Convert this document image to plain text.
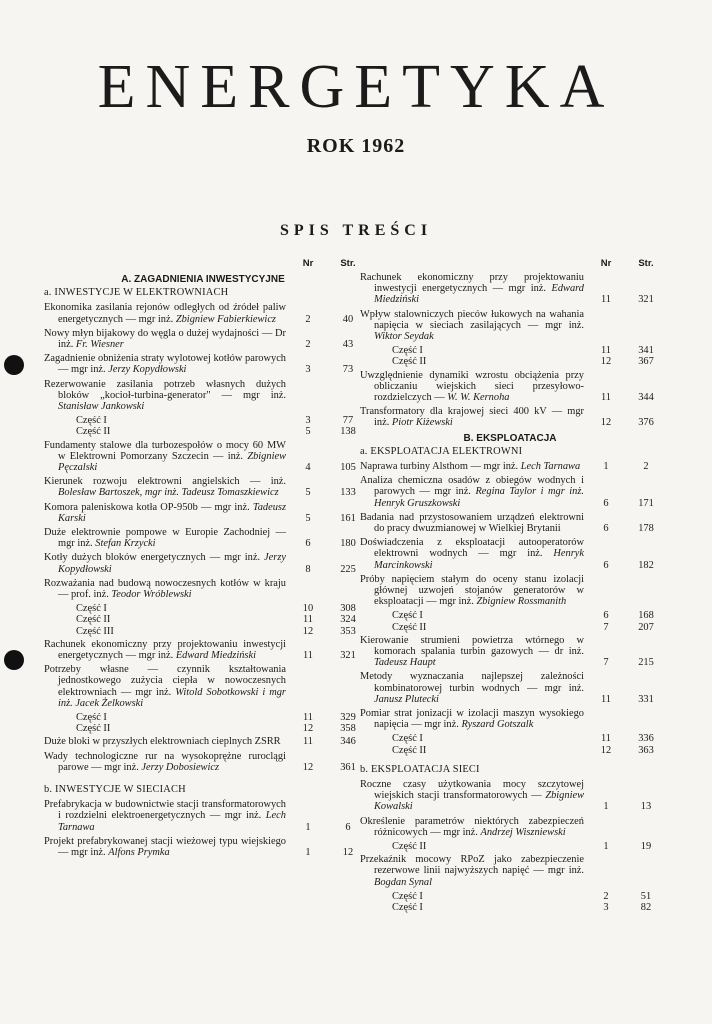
ENERGETYKA
ROK 1962
SPIS TREŚCI
Nr	Str.
A. ZAGADNIENIA INWESTYCYJNE
a. INWESTYCJE W ELEKTROWNIACH
Ekonomika zasilania rejonów odległych od źródeł paliw energetycznych — mgr inż. Zbigniew Fabierkiewicz	2	40
Nowy młyn bijakowy do węgla o dużej wydajności — Dr inż. Fr. Wiesner	2	43
Zagadnienie obniżenia straty wylotowej kotłów parowych — mgr inż. Jerzy Kopydłowski	3	73
Rezerwowanie zasilania potrzeb własnych dużych bloków „kocioł-turbina-generator" — mgr inż. Stanisław Jankowski
Część I	3	77
Część II	5	138
Fundamenty stalowe dla turbozespołów o mocy 60 MW w Elektrowni Pomorzany Szczecin — inż. Zbigniew Pęczalski	4	105
Kierunek rozwoju elektrowni angielskich — inż. Bolesław Bartoszek, mgr inż. Tadeusz Tomaszkiewicz	5	133
Komora paleniskowa kotła OP-950b — mgr inż. Tadeusz Karski	5	161
Duże elektrownie pompowe w Europie Zachodniej — mgr inż. Stefan Krzycki	6	180
Kotły dużych bloków energetycznych — mgr inż. Jerzy Kopydłowski	8	225
Rozważania nad budową nowoczesnych kotłów w kraju — prof. inż. Teodor Wróblewski
Część I	10	308
Część II	11	324
Część III	12	353
Rachunek ekonomiczny przy projektowaniu inwestycji energetycznych — mgr inż. Edward Miedziński	11	321
Potrzeby własne — czynnik kształtowania jednostkowego zużycia ciepła w nowoczesnych elektrowniach — mgr inż. Witold Sobotkowski i mgr inż. Jacek Żelkowski
Część I	11	329
Część II	12	358
Duże bloki w przyszłych elektrowniach cieplnych ZSRR	11	346
Wady technologiczne rur na wysokoprężne ruroclągi parowe — mgr inż. Jerzy Dobosiewicz	12	361
b. INWESTYCJE W SIECIACH
Prefabrykacja w budownictwie stacji transformatorowych i rozdzielni elektroenergetycznych — mgr inż. Lech Tarnawa	1	6
Projekt prefabrykowanej stacji wieżowej typu wiejskiego — mgr inż. Alfons Prymka	1	12
Nr	Str.
Rachunek ekonomiczny przy projektowaniu inwestycji energetycznych — mgr inż. Edward Miedziński	11	321
Wpływ stalowniczych pieców łukowych na wahania napięcia w sieciach zasilających — mgr inż. Wiktor Seydak
Część I	11	341
Część II	12	367
Uwzględnienie dynamiki wzrostu obciążenia przy obliczaniu wiejskich sieci przesyłowo-rozdzielczych — W. W. Kernoha	11	344
Transformatory dla krajowej sieci 400 kV — mgr inż. Piotr Kiżewski	12	376
B. EKSPLOATACJA
a. EKSPLOATACJA ELEKTROWNI
Naprawa turbiny Alsthom — mgr inż. Lech Tarnawa	1	2
Analiza chemiczna osadów z obiegów wodnych i parowych — mgr inż. Regina Taylor i mgr inż. Henryk Gruszkowski	6	171
Badania nad przystosowaniem urządzeń elektrowni do pracy dwuzmianowej w Wielkiej Brytanii	6	178
Doświadczenia z eksploatacji autooperatorów elektrowni wodnych — mgr inż. Henryk Marcinkowski	6	182
Próby napięciem stałym do oceny stanu izolacji głównej uzwojeń stojanów generatorów w eksploatacji — mgr inż. Zbigniew Rossmanith
Część I	6	168
Część II	7	207
Kierowanie strumieni powietrza wtórnego w komorach spalania turbin gazowych — dr inż. Tadeusz Haupt	7	215
Metody wyznaczania najlepszej zależności kombinatorowej turbin wodnych — mgr inż. Janusz Plutecki	11	331
Pomiar strat jonizacji w izolacji maszyn wysokiego napięcia — mgr inż. Ryszard Gotszalk
Część I	11	336
Część II	12	363
b. EKSPLOATACJA SIECI
Roczne czasy użytkowania mocy szczytowej wiejskich stacji transformatorowych — Zbigniew Kowalski	1	13
Określenie parametrów niektórych zabezpieczeń różnicowych — mgr inż. Andrzej Wiszniewski
Część II	1	19
Przekaźnik mocowy RPoZ jako zabezpieczenie rezerwowe linii najwyższych napięć — mgr inż. Bogdan Synal
Część I	2	51
Część I	3	82
